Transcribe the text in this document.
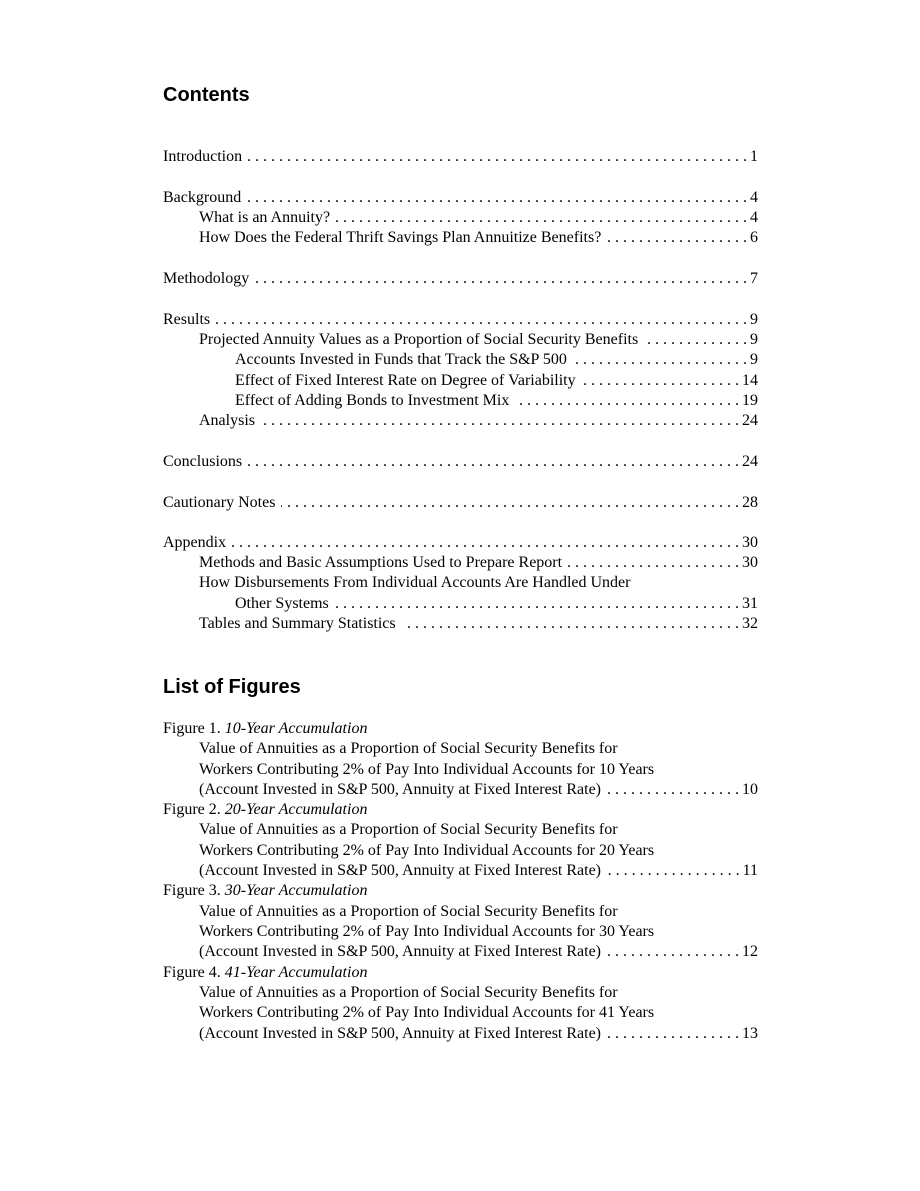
Contents
Introduction . . .	1
Background . . .	4
What is an Annuity? . . .	4
How Does the Federal Thrift Savings Plan Annuitize Benefits? . . .	6
Methodology . . .	7
Results . . .	9
Projected Annuity Values as a Proportion of Social Security Benefits . . .	9
Accounts Invested in Funds that Track the S&P 500 . . .	9
Effect of Fixed Interest Rate on Degree of Variability . . .	14
Effect of Adding Bonds to Investment Mix . . .	19
Analysis . . .	24
Conclusions . . .	24
Cautionary Notes . . .	28
Appendix . . .	30
Methods and Basic Assumptions Used to Prepare Report . . .	30
How Disbursements From Individual Accounts Are Handled Under
Other Systems . . .	31
Tables and Summary Statistics . . .	32
List of Figures
Figure 1. 10-Year Accumulation
Value of Annuities as a Proportion of Social Security Benefits for
Workers Contributing 2% of Pay Into Individual Accounts for 10 Years
(Account Invested in S&P 500, Annuity at Fixed Interest Rate) . . .	10
Figure 2. 20-Year Accumulation
Value of Annuities as a Proportion of Social Security Benefits for
Workers Contributing 2% of Pay Into Individual Accounts for 20 Years
(Account Invested in S&P 500, Annuity at Fixed Interest Rate) . . .	11
Figure 3. 30-Year Accumulation
Value of Annuities as a Proportion of Social Security Benefits for
Workers Contributing 2% of Pay Into Individual Accounts for 30 Years
(Account Invested in S&P 500, Annuity at Fixed Interest Rate) . . .	12
Figure 4. 41-Year Accumulation
Value of Annuities as a Proportion of Social Security Benefits for
Workers Contributing 2% of Pay Into Individual Accounts for 41 Years
(Account Invested in S&P 500, Annuity at Fixed Interest Rate) . . .	13
